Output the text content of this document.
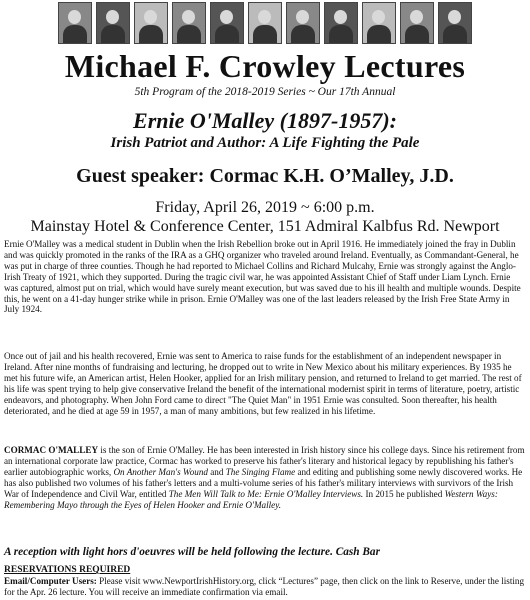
Michael F. Crowley Lectures
5th Program of the 2018-2019 Series ~ Our 17th Annual
Ernie O'Malley (1897-1957):
Irish Patriot and Author: A Life Fighting the Pale
Guest speaker: Cormac K.H. O’Malley, J.D.
Friday, April 26, 2019 ~ 6:00 p.m.
Mainstay Hotel & Conference Center, 151 Admiral Kalbfus Rd. Newport
Ernie O'Malley was a medical student in Dublin when the Irish Rebellion broke out in April 1916. He immediately joined the fray in Dublin and was quickly promoted in the ranks of the IRA as a GHQ organizer who traveled around Ireland. Eventually, as Commandant-General, he was put in charge of three counties. Though he had reported to Michael Collins and Richard Mulcahy, Ernie was strongly against the Anglo-Irish Treaty of 1921, which they supported. During the tragic civil war, he was appointed Assistant Chief of Staff under Liam Lynch. Ernie was captured, almost put on trial, which would have surely meant execution, but was saved due to his ill health and multiple wounds. Despite this, he went on a 41-day hunger strike while in prison. Ernie O'Malley was one of the last leaders released by the Irish Free State Army in July 1924.
Once out of jail and his health recovered, Ernie was sent to America to raise funds for the establishment of an independent newspaper in Ireland. After nine months of fundraising and lecturing, he dropped out to write in New Mexico about his military experiences. By 1935 he met his future wife, an American artist, Helen Hooker, applied for an Irish military pension, and returned to Ireland to get married. The rest of his life was spent trying to help give conservative Ireland the benefit of the international modernist spirit in terms of literature, poetry, artistic endeavors, and photography. When John Ford came to direct "The Quiet Man" in 1951 Ernie was consulted. Soon thereafter, his health deteriorated, and he died at age 59 in 1957, a man of many ambitions, but few realized in his lifetime.
CORMAC O'MALLEY is the son of Ernie O'Malley. He has been interested in Irish history since his college days. Since his retirement from an international corporate law practice, Cormac has worked to preserve his father's literary and historical legacy by republishing his father's earlier autobiographic works, On Another Man's Wound and The Singing Flame and editing and publishing some newly discovered works. He has also published two volumes of his father's letters and a multi-volume series of his father's military interviews with survivors of the Irish War of Independence and Civil War, entitled The Men Will Talk to Me: Ernie O'Malley Interviews. In 2015 he published Western Ways: Remembering Mayo through the Eyes of Helen Hooker and Ernie O'Malley.
A reception with light hors d'oeuvres will be held following the lecture. Cash Bar
RESERVATIONS REQUIRED
Email/Computer Users: Please visit www.NewportIrishHistory.org, click “Lectures” page, then click on the link to Reserve, under the listing for the Apr. 26 lecture. You will receive an immediate confirmation via email.
